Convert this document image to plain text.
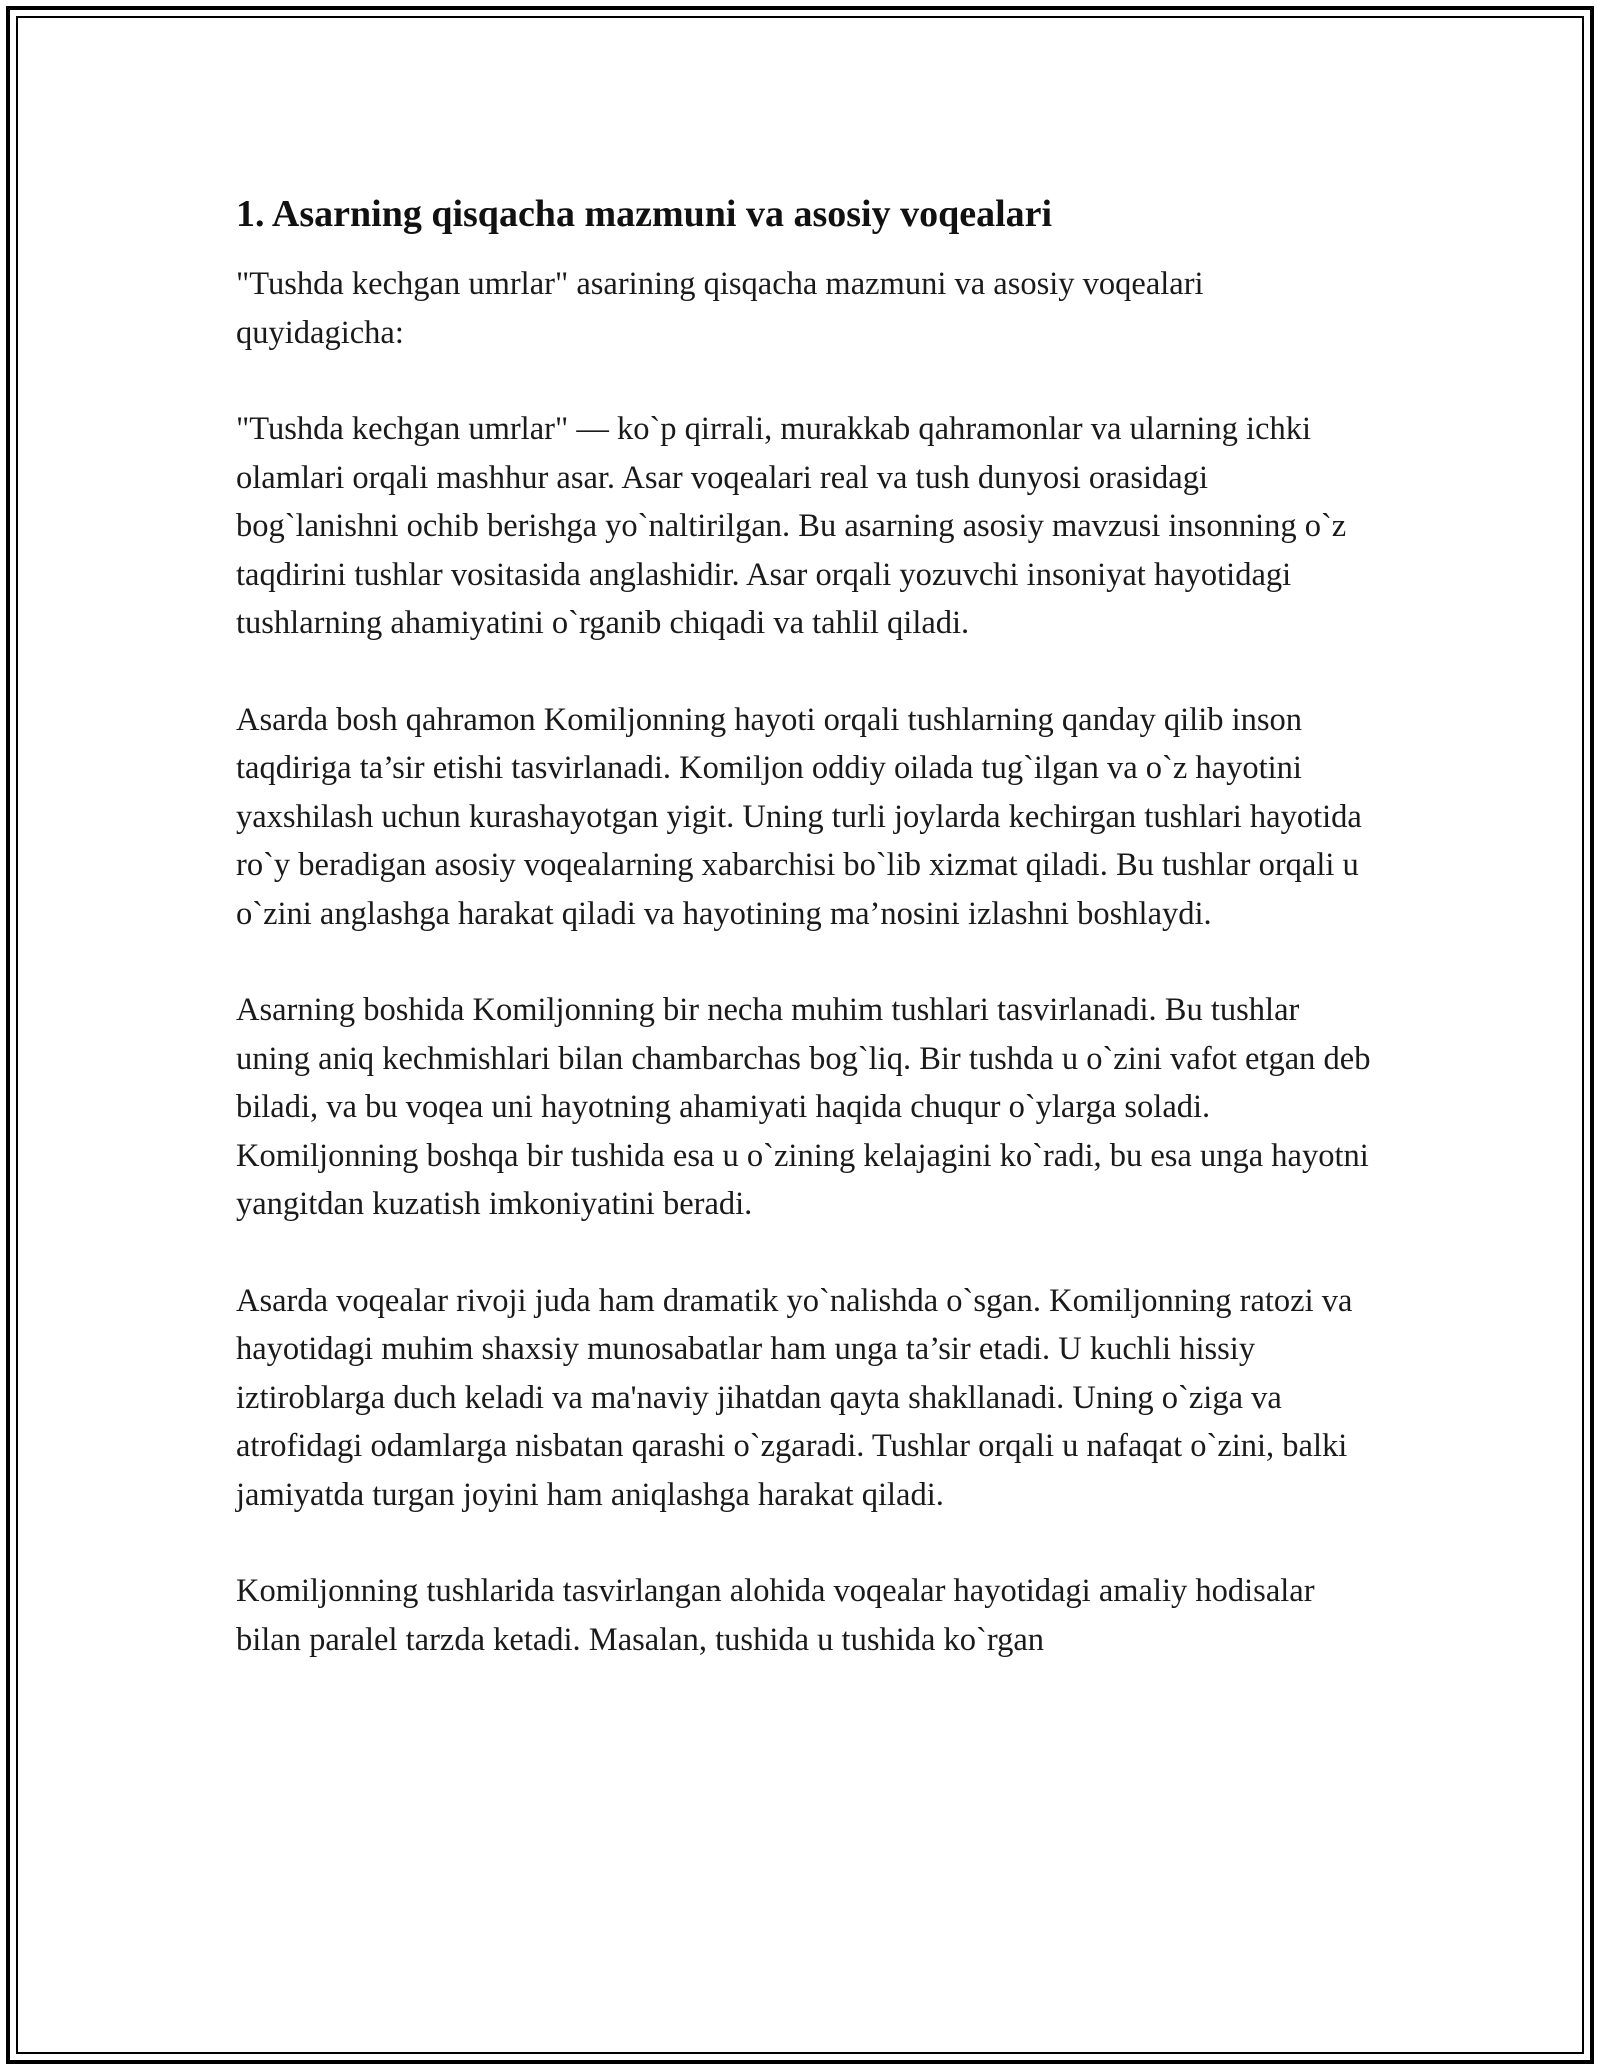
1. Asarning qisqacha mazmuni va asosiy voqealari

"Tushda kechgan umrlar" asarining qisqacha mazmuni va asosiy voqealari quyidagicha:

"Tushda kechgan umrlar" — ko`p qirrali, murakkab qahramonlar va ularning ichki olamlari orqali mashhur asar. Asar voqealari real va tush dunyosi orasidagi bog`lanishni ochib berishga yo`naltirilgan. Bu asarning asosiy mavzusi insonning o`z taqdirini tushlar vositasida anglashidir. Asar orqali yozuvchi insoniyat hayotidagi tushlarning ahamiyatini o`rganib chiqadi va tahlil qiladi.

Asarda bosh qahramon Komiljonning hayoti orqali tushlarning qanday qilib inson taqdiriga ta’sir etishi tasvirlanadi. Komiljon oddiy oilada tug`ilgan va o`z hayotini yaxshilash uchun kurashayotgan yigit. Uning turli joylarda kechirgan tushlari hayotida ro`y beradigan asosiy voqealarning xabarchisi bo`lib xizmat qiladi. Bu tushlar orqali u o`zini anglashga harakat qiladi va hayotining ma’nosini izlashni boshlaydi.

Asarning boshida Komiljonning bir necha muhim tushlari tasvirlanadi. Bu tushlar uning aniq kechmishlari bilan chambarchas bog`liq. Bir tushda u o`zini vafot etgan deb biladi, va bu voqea uni hayotning ahamiyati haqida chuqur o`ylarga soladi. Komiljonning boshqa bir tushida esa u o`zining kelajagini ko`radi, bu esa unga hayotni yangitdan kuzatish imkoniyatini beradi.

Asarda voqealar rivoji juda ham dramatik yo`nalishda o`sgan. Komiljonning ratozi va hayotidagi muhim shaxsiy munosabatlar ham unga ta’sir etadi. U kuchli hissiy iztiroblarga duch keladi va ma'naviy jihatdan qayta shakllanadi. Uning o`ziga va atrofidagi odamlarga nisbatan qarashi o`zgaradi. Tushlar orqali u nafaqat o`zini, balki jamiyatda turgan joyini ham aniqlashga harakat qiladi.

Komiljonning tushlarida tasvirlangan alohida voqealar hayotidagi amaliy hodisalar bilan paralel tarzda ketadi. Masalan, tushida u tushida ko`rgan
